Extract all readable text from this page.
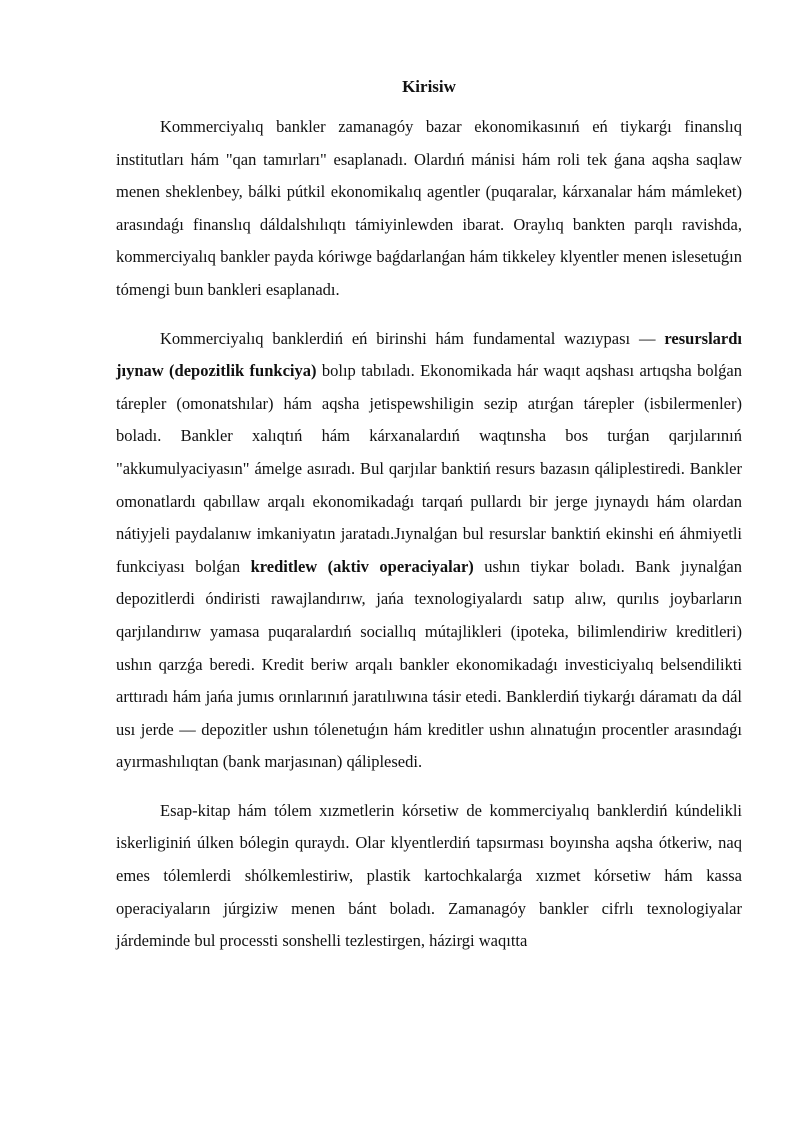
Kirisiw

Kommerciyalıq bankler zamanagóy bazar ekonomikasınıń eń tiykarǵı finanslıq institutları hám "qan tamırları" esaplanadı. Olardıń mánisi hám roli tek ǵana aqsha saqlaw menen sheklenbey, bálki pútkil ekonomikalıq agentler (puqaralar, kárxanalar hám mámleket) arasındaǵı finanslıq dáldalshılıqtı támiyinlewden ibarat. Oraylıq bankten parqlı ravishda, kommerciyalıq bankler payda kóriwge baǵdarlanǵan hám tikkeley klyentler menen islesetuǵın tómengi buın bankleri esaplanadı.

Kommerciyalıq banklerdiń eń birinshi hám fundamental wazıypası — resurslardı jıynaw (depozitlik funkciya) bolıp tabıladı. Ekonomikada hár waqıt aqshası artıqsha bolǵan tárepler (omonatshılar) hám aqsha jetispewshiligin sezip atırǵan tárepler (isbilermenler) boladı. Bankler xalıqtıń hám kárxanalardıń waqtınsha bos turǵan qarjılarınıń "akkumulyaciyasın" ámelge asıradı. Bul qarjılar banktiń resurs bazasın qáliplestiredi. Bankler omonatlardı qabıllaw arqalı ekonomikadaǵı tarqań pullardı bir jerge jıynaydı hám olardan nátiyjeli paydalanıw imkaniyatın jaratadı.Jıynalǵan bul resurslar banktiń ekinshi eń áhmiyetli funkciyası bolǵan kreditlew (aktiv operaciyalar) ushın tiykar boladı. Bank jıynalǵan depozitlerdi óndiristi rawajlandırıw, jańa texnologiyalardı satıp alıw, qurılıs joybarların qarjılandırıw yamasa puqaralardıń sociallıq mútajlikleri (ipoteka, bilimlendiriw kreditleri) ushın qarzǵa beredi. Kredit beriw arqalı bankler ekonomikadaǵı investiciyalıq belsendilikti arttıradı hám jańa jumıs orınlarınıń jaratılıwına tásir etedi. Banklerdiń tiykarǵı dáramatı da dál usı jerde — depozitler ushın tólenetuǵın hám kreditler ushın alınatuǵın procentler arasındaǵı ayırmashılıqtan (bank marjasınan) qáliplesedi.

Esap-kitap hám tólem xızmetlerin kórsetiw de kommerciyalıq banklerdiń kúndelikli iskerliginiń úlken bólegin quraydı. Olar klyentlerdiń tapsırması boyınsha aqsha ótkeriw, naq emes tólemlerdi shólkemlestiriw, plastik kartochkalarǵa xızmet kórsetiw hám kassa operaciyaların júrgiziw menen bánt boladı. Zamanagóy bankler cifrlı texnologiyalar járdeminde bul processti sonshelli tezlestirgen, házirgi waqıtta
